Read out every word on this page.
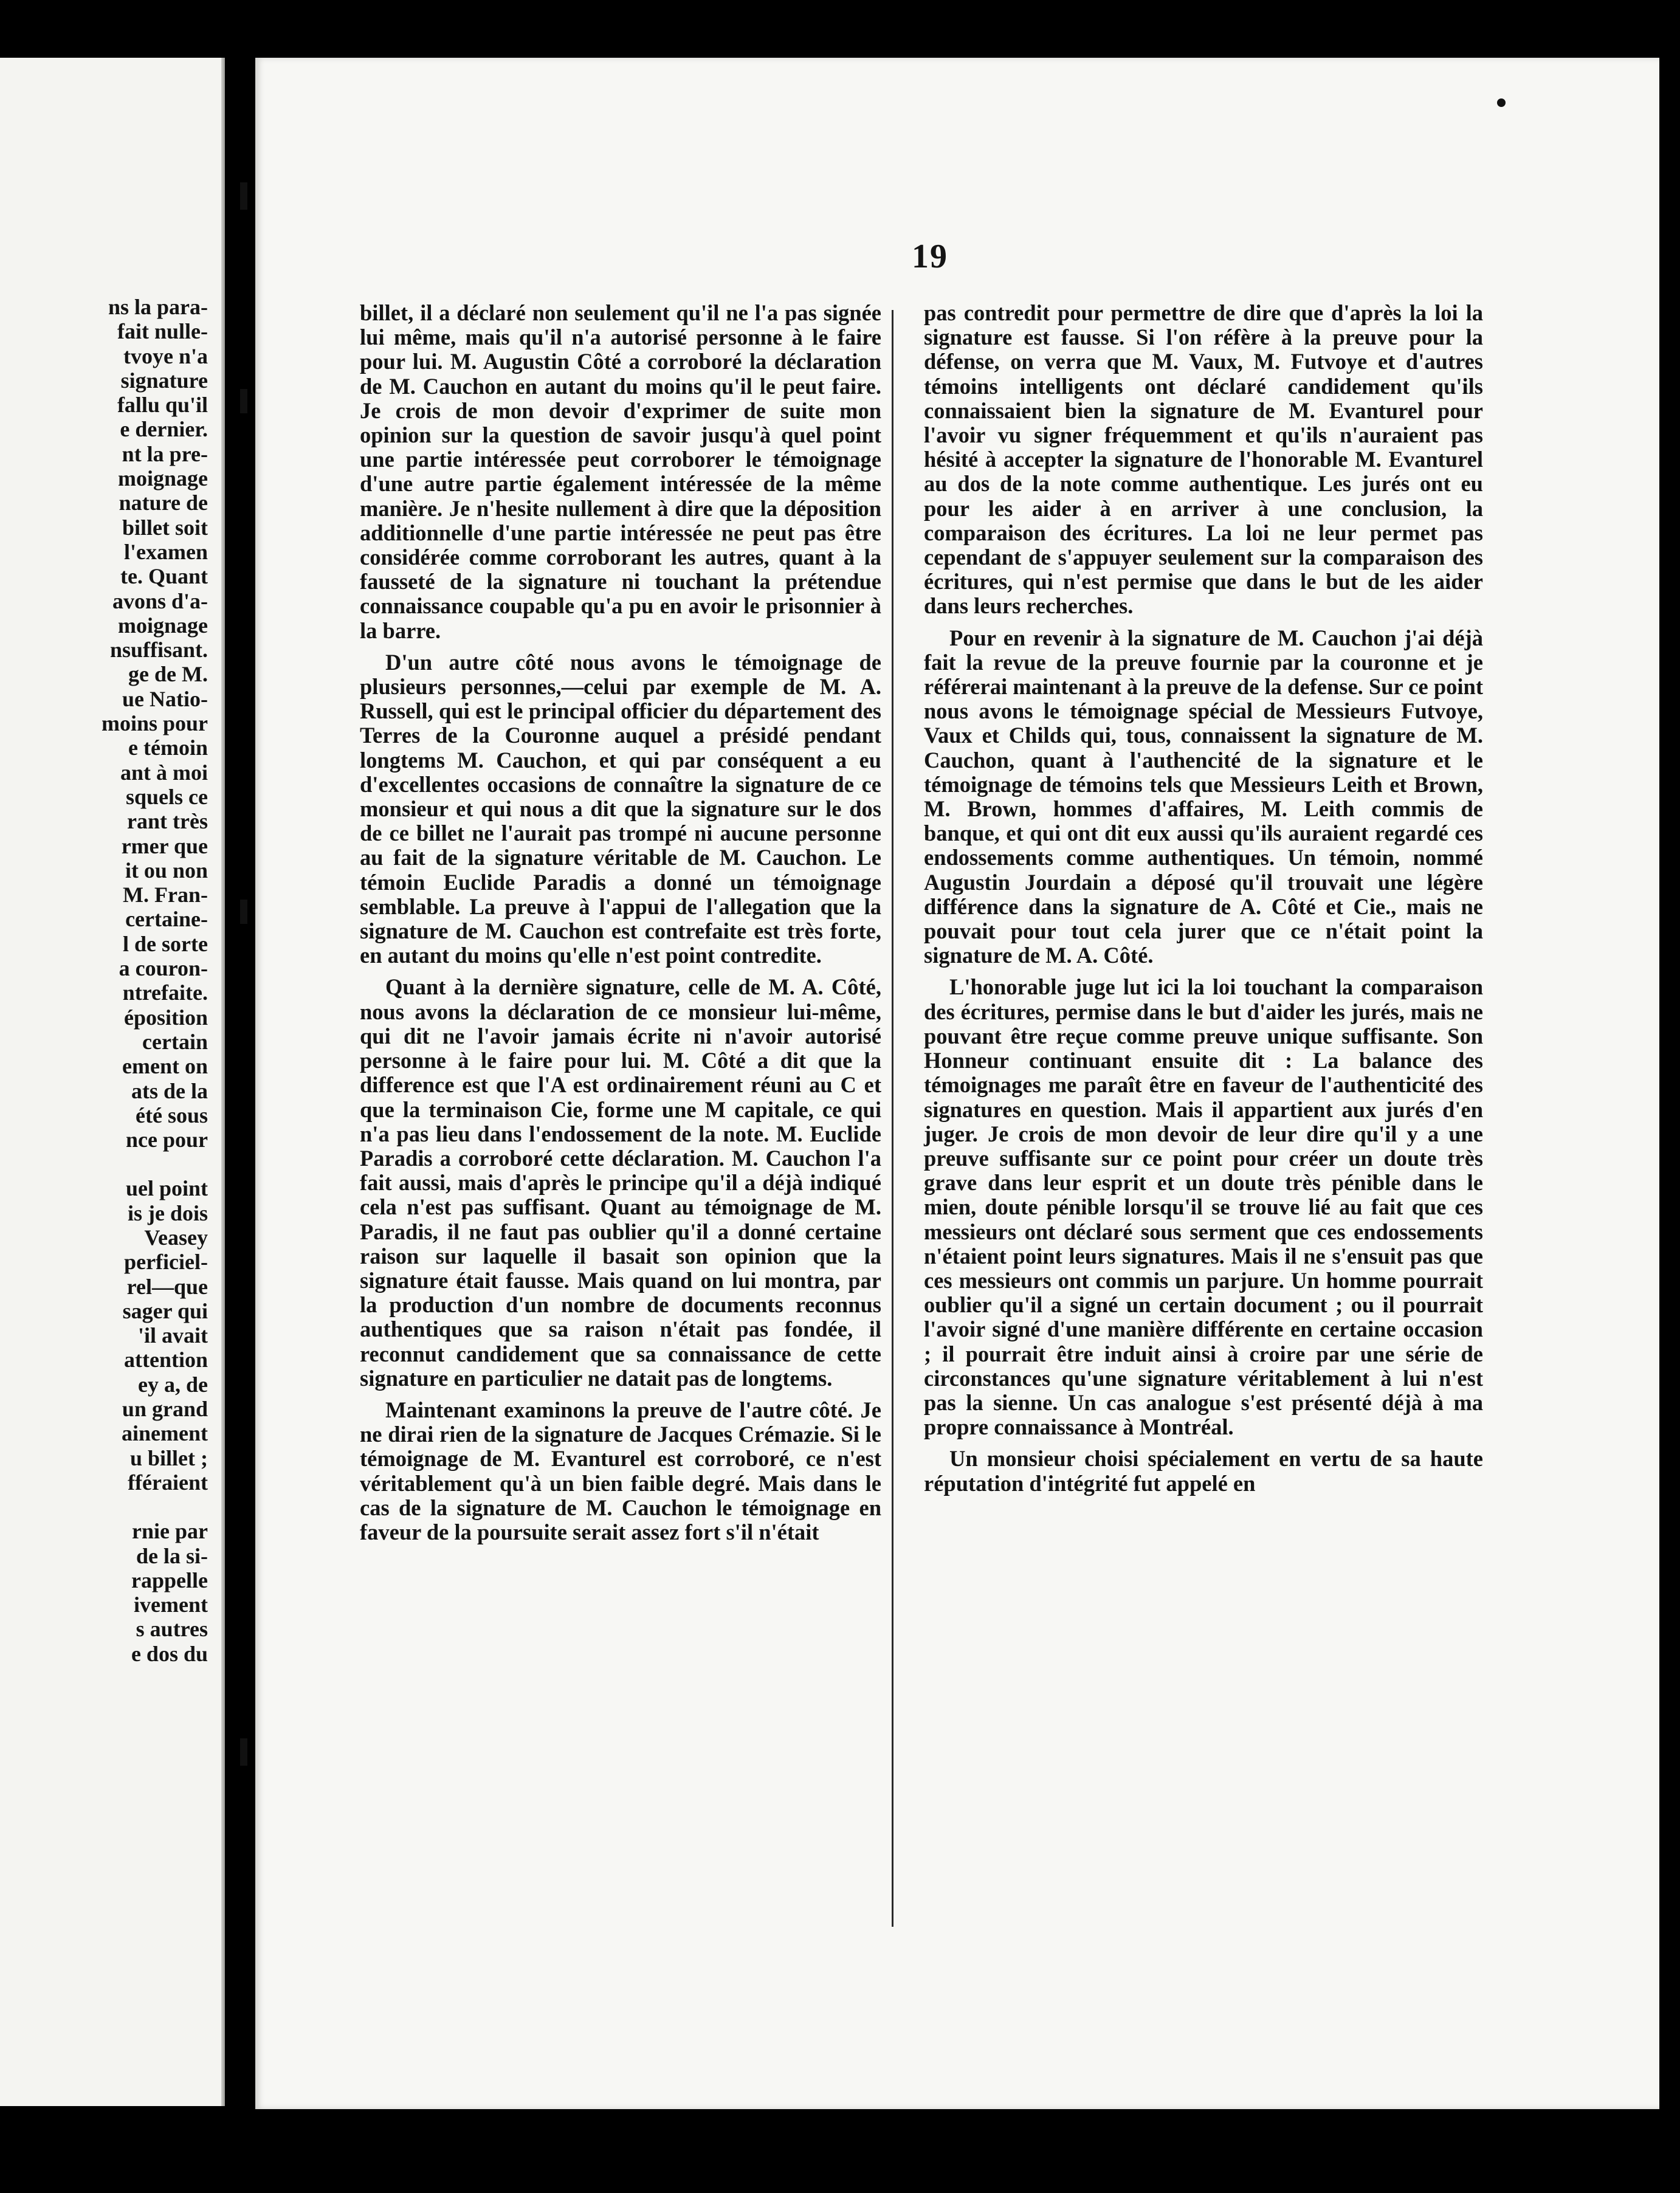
ns la para-
fait nulle-
tvoye n'a
signature
fallu qu'il
e dernier.
nt la pre-
moignage
nature de
billet soit
l'examen
te. Quant
avons d'a-
moignage
nsuffisant.
ge de M.
ue Natio-
moins pour
e témoin
ant à moi
squels ce
rant très
rmer que
it ou non
M. Fran-
certaine-
l de sorte
a couron-
ntrefaite.
éposition
certain
ement on
ats de la
été sous
nce pour
uel point
is je dois
Veasey
perficiel-
rel—que
sager qui
'il avait
attention
ey a, de
un grand
ainement
u billet ;
fféraient
rnie par
de la si-
rappelle
ivement
s autres
e dos du
19

billet, il a déclaré non seulement qu'il ne l'a pas signée lui même, mais qu'il n'a autorisé personne à le faire pour lui. M. Augustin Côté a corroboré la déclaration de M. Cauchon en autant du moins qu'il le peut faire. Je crois de mon devoir d'exprimer de suite mon opinion sur la question de savoir jusqu'à quel point une partie intéressée peut corroborer le témoignage d'une autre partie également intéressée de la même manière. Je n'hesite nullement à dire que la déposition additionnelle d'une partie intéressée ne peut pas être considérée comme corroborant les autres, quant à la fausseté de la signature ni touchant la prétendue connaissance coupable qu'a pu en avoir le prisonnier à la barre.

D'un autre côté nous avons le témoignage de plusieurs personnes,—celui par exemple de M. A. Russell, qui est le principal officier du département des Terres de la Couronne auquel a présidé pendant longtems M. Cauchon, et qui par conséquent a eu d'excellentes occasions de connaître la signature de ce monsieur et qui nous a dit que la signature sur le dos de ce billet ne l'aurait pas trompé ni aucune personne au fait de la signature véritable de M. Cauchon. Le témoin Euclide Paradis a donné un témoignage semblable. La preuve à l'appui de l'allegation que la signature de M. Cauchon est contrefaite est très forte, en autant du moins qu'elle n'est point contredite.

Quant à la dernière signature, celle de M. A. Côté, nous avons la déclaration de ce monsieur lui-même, qui dit ne l'avoir jamais écrite ni n'avoir autorisé personne à le faire pour lui. M. Côté a dit que la difference est que l'A est ordinairement réuni au C et que la terminaison Cie, forme une M capitale, ce qui n'a pas lieu dans l'endossement de la note. M. Euclide Paradis a corroboré cette déclaration. M. Cauchon l'a fait aussi, mais d'après le principe qu'il a déjà indiqué cela n'est pas suffisant. Quant au témoignage de M. Paradis, il ne faut pas oublier qu'il a donné certaine raison sur laquelle il basait son opinion que la signature était fausse. Mais quand on lui montra, par la production d'un nombre de documents reconnus authentiques que sa raison n'était pas fondée, il reconnut candidement que sa connaissance de cette signature en particulier ne datait pas de longtems.

Maintenant examinons la preuve de l'autre côté. Je ne dirai rien de la signature de Jacques Crémazie. Si le témoignage de M. Evanturel est corroboré, ce n'est véritablement qu'à un bien faible degré. Mais dans le cas de la signature de M. Cauchon le témoignage en faveur de la poursuite serait assez fort s'il n'était

pas contredit pour permettre de dire que d'après la loi la signature est fausse. Si l'on réfère à la preuve pour la défense, on verra que M. Vaux, M. Futvoye et d'autres témoins intelligents ont déclaré candidement qu'ils connaissaient bien la signature de M. Evanturel pour l'avoir vu signer fréquemment et qu'ils n'auraient pas hésité à accepter la signature de l'honorable M. Evanturel au dos de la note comme authentique. Les jurés ont eu pour les aider à en arriver à une conclusion, la comparaison des écritures. La loi ne leur permet pas cependant de s'appuyer seulement sur la comparaison des écritures, qui n'est permise que dans le but de les aider dans leurs recherches.

Pour en revenir à la signature de M. Cauchon j'ai déjà fait la revue de la preuve fournie par la couronne et je référerai maintenant à la preuve de la defense. Sur ce point nous avons le témoignage spécial de Messieurs Futvoye, Vaux et Childs qui, tous, connaissent la signature de M. Cauchon, quant à l'authencité de la signature et le témoignage de témoins tels que Messieurs Leith et Brown, M. Brown, hommes d'affaires, M. Leith commis de banque, et qui ont dit eux aussi qu'ils auraient regardé ces endossements comme authentiques. Un témoin, nommé Augustin Jourdain a déposé qu'il trouvait une légère différence dans la signature de A. Côté et Cie., mais ne pouvait pour tout cela jurer que ce n'était point la signature de M. A. Côté.

L'honorable juge lut ici la loi touchant la comparaison des écritures, permise dans le but d'aider les jurés, mais ne pouvant être reçue comme preuve unique suffisante. Son Honneur continuant ensuite dit : La balance des témoignages me paraît être en faveur de l'authenticité des signatures en question. Mais il appartient aux jurés d'en juger. Je crois de mon devoir de leur dire qu'il y a une preuve suffisante sur ce point pour créer un doute très grave dans leur esprit et un doute très pénible dans le mien, doute pénible lorsqu'il se trouve lié au fait que ces messieurs ont déclaré sous serment que ces endossements n'étaient point leurs signatures. Mais il ne s'ensuit pas que ces messieurs ont commis un parjure. Un homme pourrait oublier qu'il a signé un certain document ; ou il pourrait l'avoir signé d'une manière différente en certaine occasion ; il pourrait être induit ainsi à croire par une série de circonstances qu'une signature véritablement à lui n'est pas la sienne. Un cas analogue s'est présenté déjà à ma propre connaissance à Montréal.

Un monsieur choisi spécialement en vertu de sa haute réputation d'intégrité fut appelé en
